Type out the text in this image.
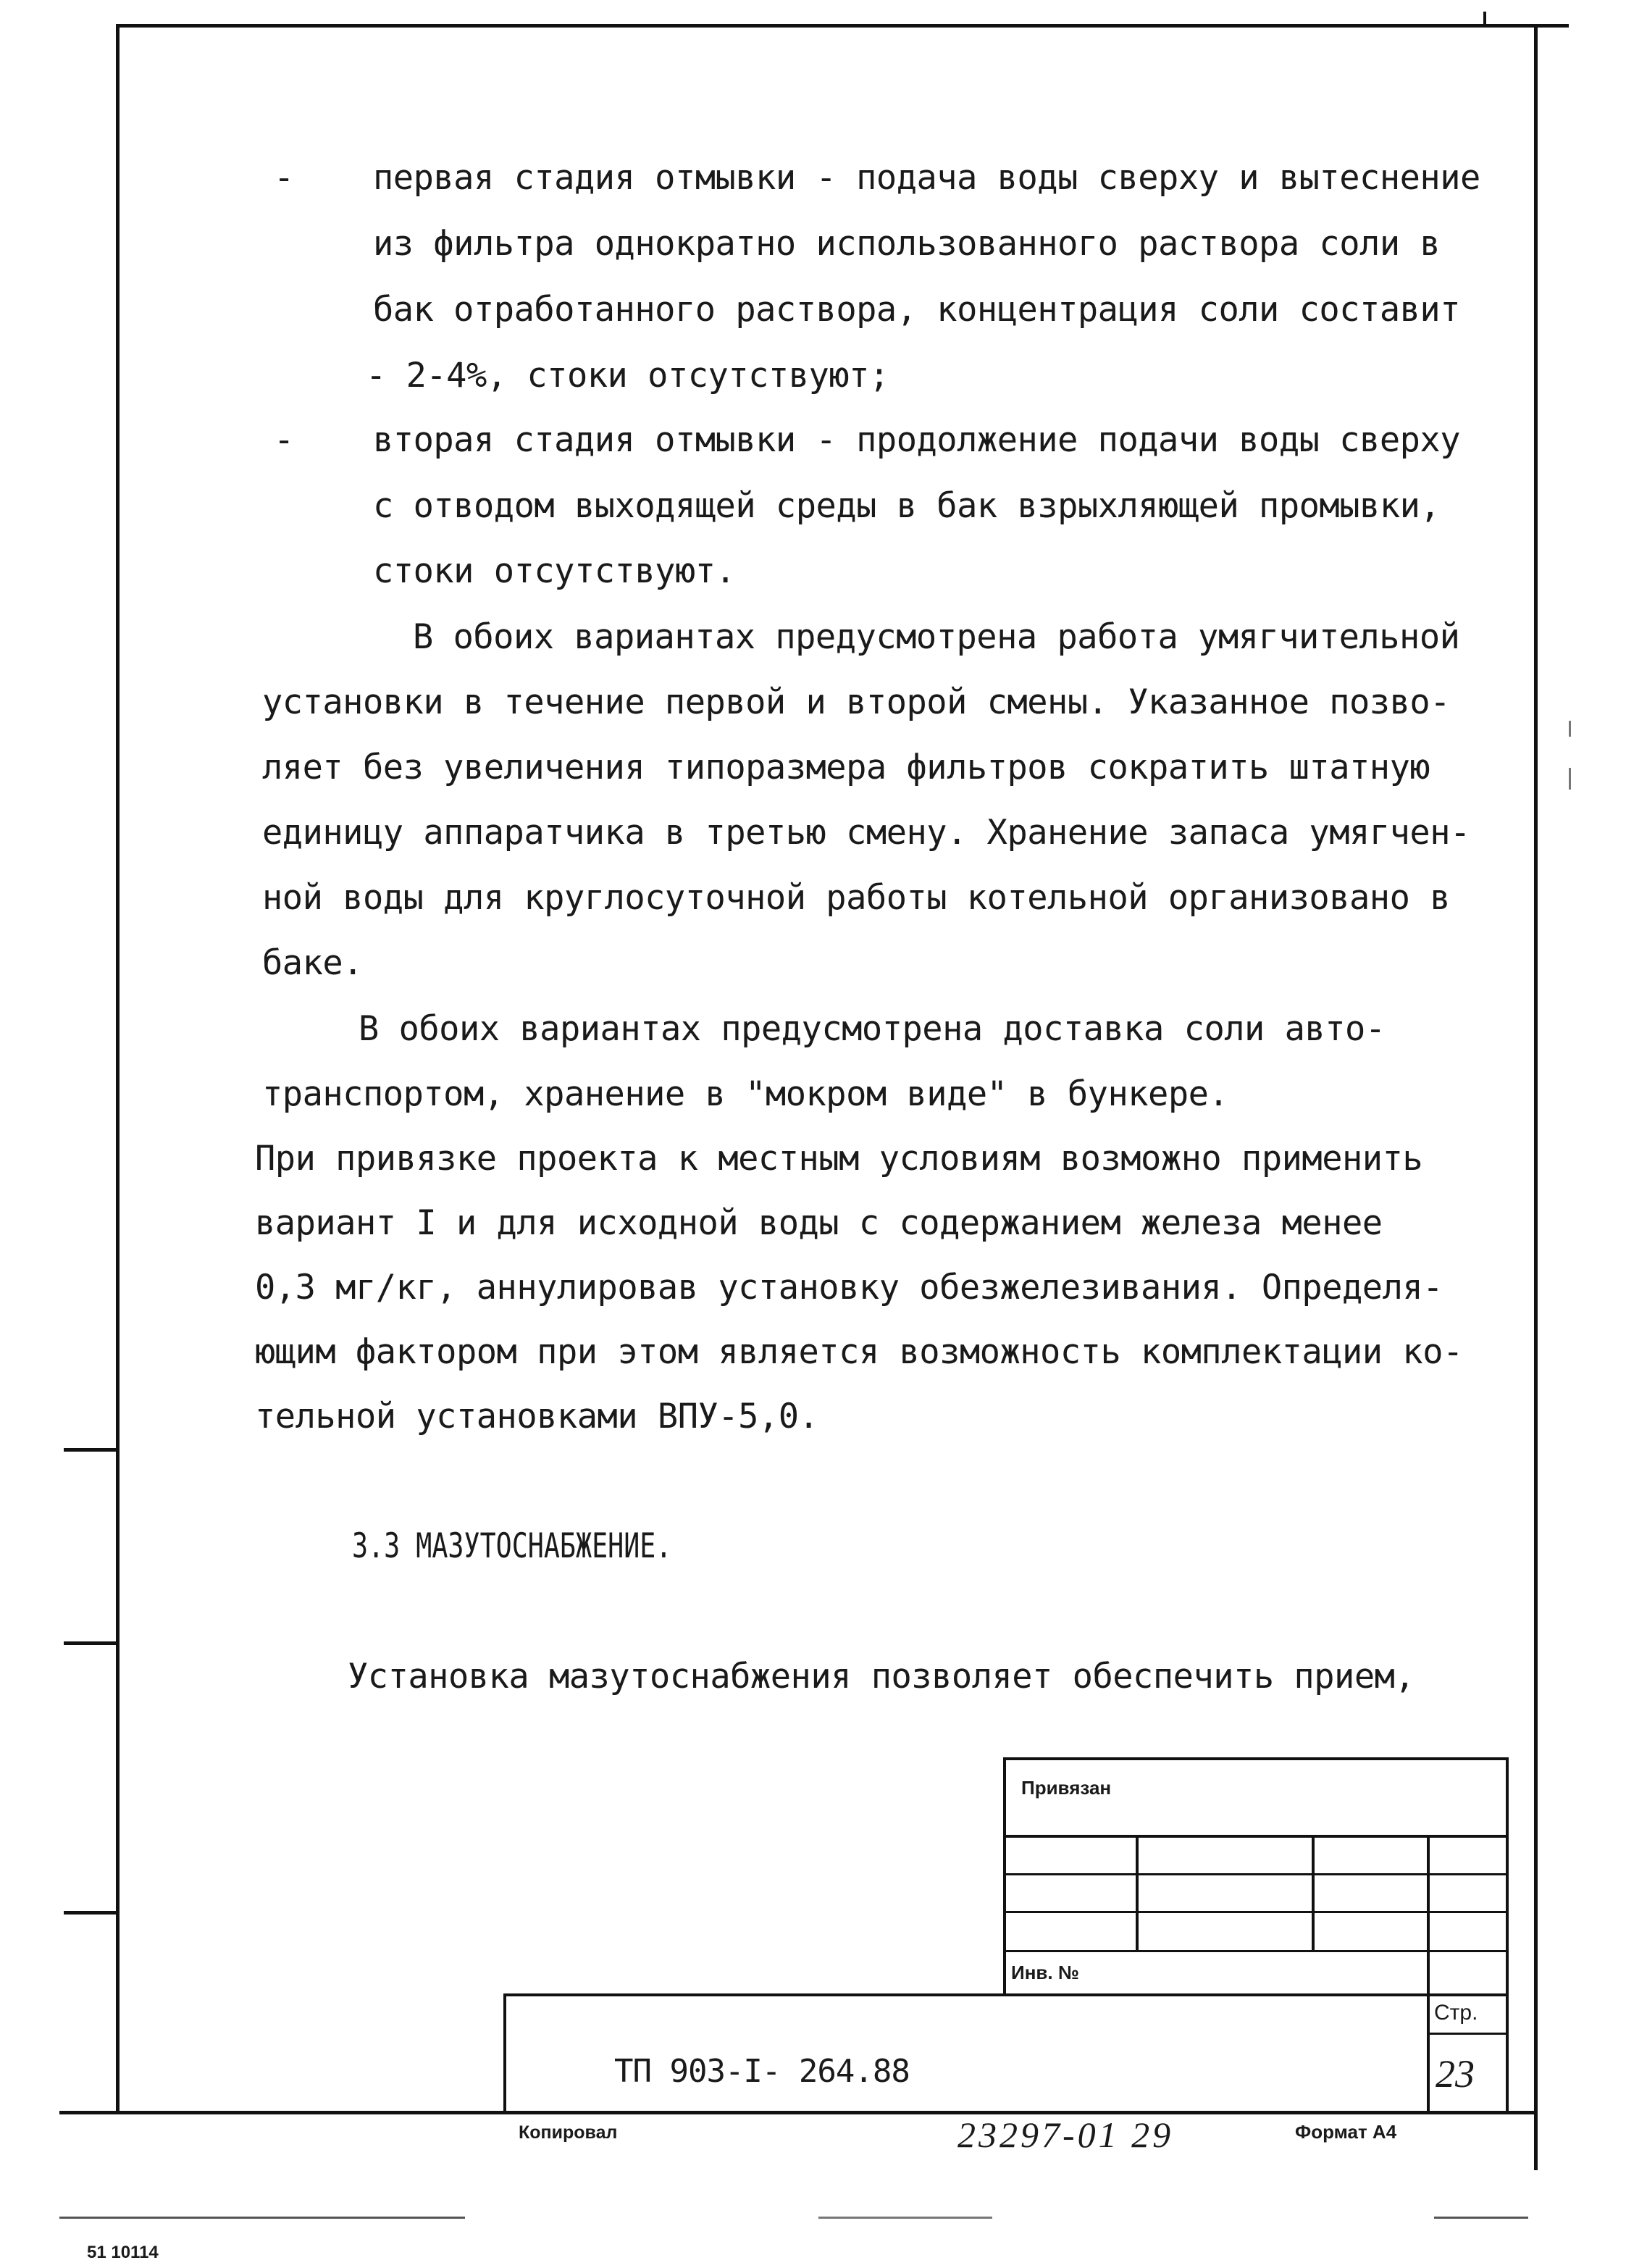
- первая стадия отмывки - подача воды сверху и вытеснение
из фильтра однократно использованного раствора соли в
бак отработанного раствора, концентрация соли составит
- 2-4%, стоки отсутствуют;
- вторая стадия отмывки - продолжение подачи воды сверху
с отводом выходящей среды в бак взрыхляющей промывки,
стоки отсутствуют.
В обоих вариантах предусмотрена работа умягчительной
установки в течение первой и второй смены. Указанное позво-
ляет без увеличения типоразмера фильтров сократить штатную
единицу аппаратчика в третью смену. Хранение запаса умягчен-
ной воды для круглосуточной работы котельной организовано в
баке.
В обоих вариантах предусмотрена доставка соли авто-
транспортом, хранение в "мокром виде" в бункере.
При привязке проекта к местным условиям возможно применить
вариант I и для исходной воды с содержанием железа менее
0,3 мг/кг, аннулировав установку обезжелезивания. Определя-
ющим фактором при этом является возможность комплектации ко-
тельной установками ВПУ-5,0.
3.3 МАЗУТОСНАБЖЕНИЕ.
Установка мазутоснабжения позволяет обеспечить прием,
Привязан
Инв. №
Стр.
23
ТП 903-I- 264.88
Копировал	23297-01 29	Формат А4
51 10114
